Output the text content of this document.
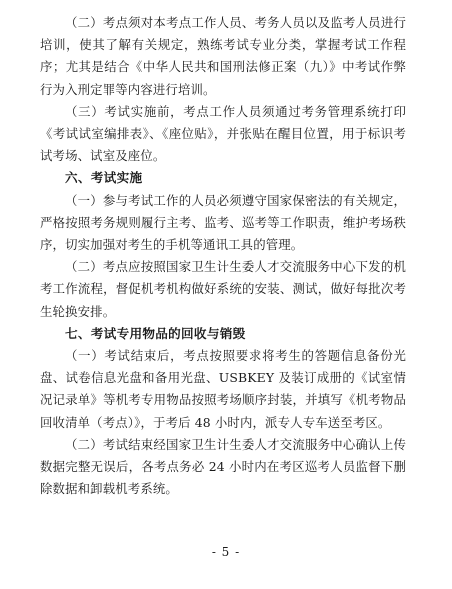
（二）考点须对本考点工作人员、考务人员以及监考人员进行培训，使其了解有关规定，熟练考试专业分类，掌握考试工作程序；尤其是结合《中华人民共和国刑法修正案（九）》中考试作弊行为入刑定罪等内容进行培训。

（三）考试实施前，考点工作人员须通过考务管理系统打印《考试试室编排表》、《座位贴》，并张贴在醒目位置，用于标识考试考场、试室及座位。

六、考试实施

（一）参与考试工作的人员必须遵守国家保密法的有关规定，严格按照考务规则履行主考、监考、巡考等工作职责，维护考场秩序，切实加强对考生的手机等通讯工具的管理。

（二）考点应按照国家卫生计生委人才交流服务中心下发的机考工作流程，督促机考机构做好系统的安装、测试，做好每批次考生轮换安排。

七、考试专用物品的回收与销毁

（一）考试结束后，考点按照要求将考生的答题信息备份光盘、试卷信息光盘和备用光盘、USBKEY 及装订成册的《试室情况记录单》等机考专用物品按照考场顺序封装，并填写《机考物品回收清单（考点）》，于考后 48 小时内，派专人专车送至考区。

（二）考试结束经国家卫生计生委人才交流服务中心确认上传数据完整无误后，各考点务必 24 小时内在考区巡考人员监督下删除数据和卸载机考系统。

- 5 -
